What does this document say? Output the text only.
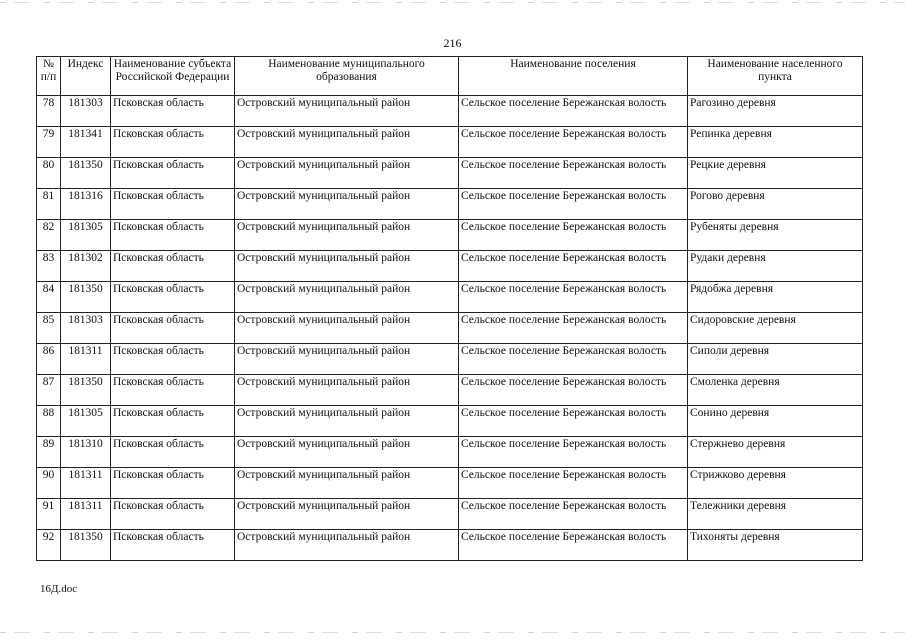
216
№ п/п	Индекс	Наименование субъекта Российской Федерации	Наименование муниципального образования	Наименование поселения	Наименование населенного пункта
78	181303	Псковская область	Островский муниципальный район	Сельское поселение Бережанская волость	Рагозино деревня
79	181341	Псковская область	Островский муниципальный район	Сельское поселение Бережанская волость	Репинка деревня
80	181350	Псковская область	Островский муниципальный район	Сельское поселение Бережанская волость	Рецкие деревня
81	181316	Псковская область	Островский муниципальный район	Сельское поселение Бережанская волость	Рогово деревня
82	181305	Псковская область	Островский муниципальный район	Сельское поселение Бережанская волость	Рубеняты деревня
83	181302	Псковская область	Островский муниципальный район	Сельское поселение Бережанская волость	Рудаки деревня
84	181350	Псковская область	Островский муниципальный район	Сельское поселение Бережанская волость	Рядобжа деревня
85	181303	Псковская область	Островский муниципальный район	Сельское поселение Бережанская волость	Сидоровские деревня
86	181311	Псковская область	Островский муниципальный район	Сельское поселение Бережанская волость	Сиполи деревня
87	181350	Псковская область	Островский муниципальный район	Сельское поселение Бережанская волость	Смоленка деревня
88	181305	Псковская область	Островский муниципальный район	Сельское поселение Бережанская волость	Сонино деревня
89	181310	Псковская область	Островский муниципальный район	Сельское поселение Бережанская волость	Стержнево деревня
90	181311	Псковская область	Островский муниципальный район	Сельское поселение Бережанская волость	Стрижково деревня
91	181311	Псковская область	Островский муниципальный район	Сельское поселение Бережанская волость	Тележники деревня
92	181350	Псковская область	Островский муниципальный район	Сельское поселение Бережанская волость	Тихоняты деревня
16Д.doc
